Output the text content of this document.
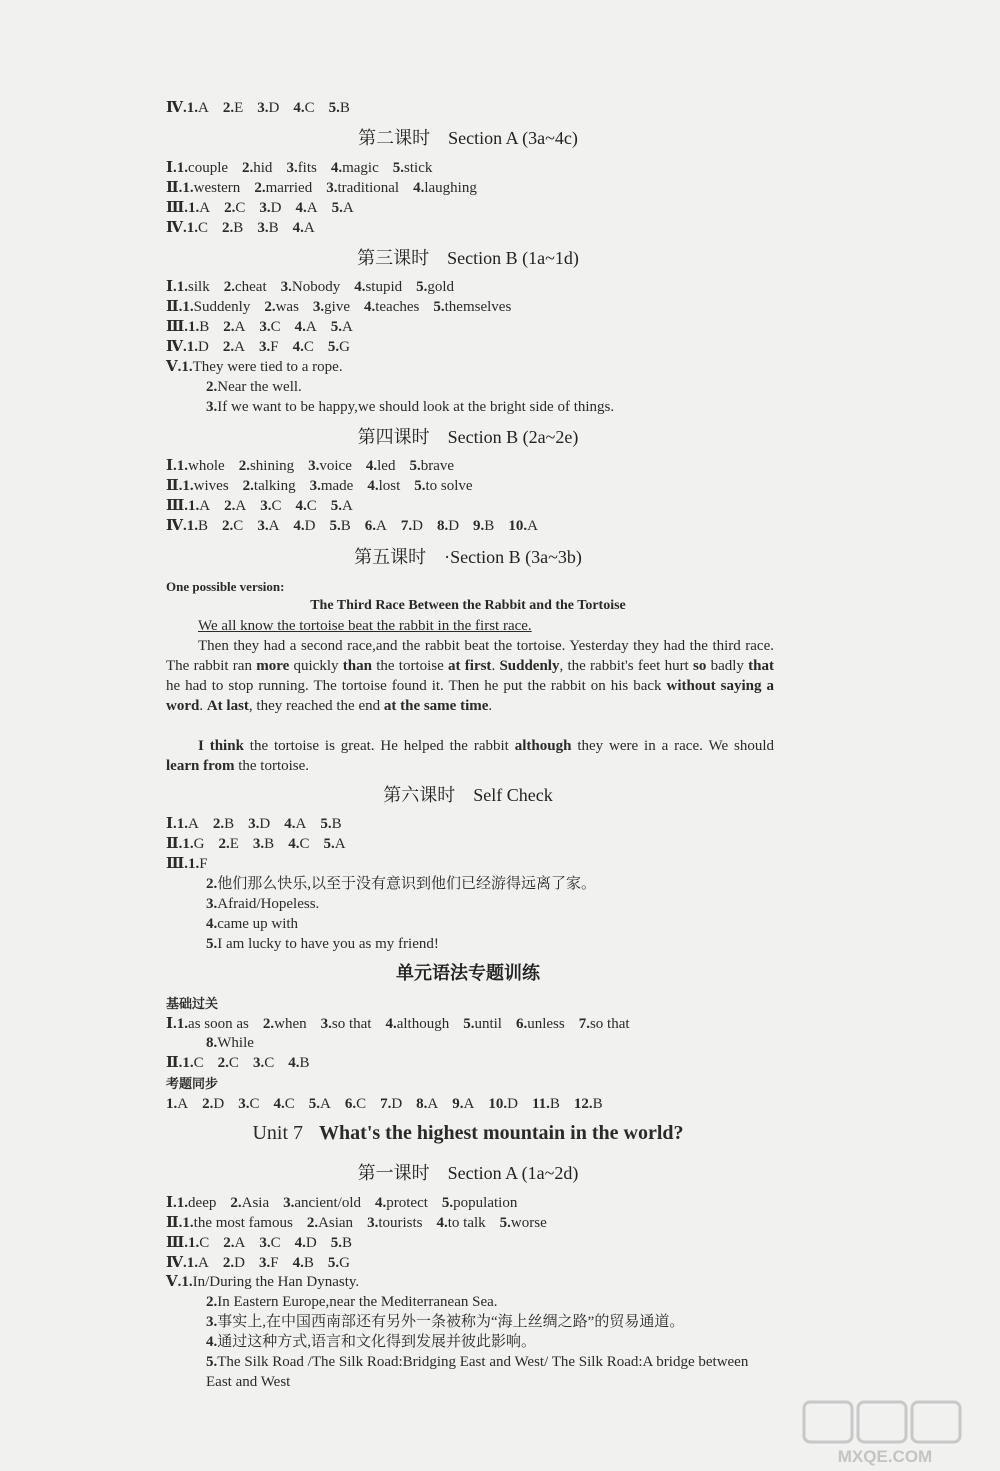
Ⅳ.1.A 2.E 3.D 4.C 5.B
第二课时 Section A (3a~4c)
Ⅰ.1.couple 2.hid 3.fits 4.magic 5.stick
Ⅱ.1.western 2.married 3.traditional 4.laughing
Ⅲ.1.A 2.C 3.D 4.A 5.A
Ⅳ.1.C 2.B 3.B 4.A
第三课时 Section B (1a~1d)
Ⅰ.1.silk 2.cheat 3.Nobody 4.stupid 5.gold
Ⅱ.1.Suddenly 2.was 3.give 4.teaches 5.themselves
Ⅲ.1.B 2.A 3.C 4.A 5.A
Ⅳ.1.D 2.A 3.F 4.C 5.G
Ⅴ.1.They were tied to a rope.
2.Near the well.
3.If we want to be happy,we should look at the bright side of things.
第四课时 Section B (2a~2e)
Ⅰ.1.whole 2.shining 3.voice 4.led 5.brave
Ⅱ.1.wives 2.talking 3.made 4.lost 5.to solve
Ⅲ.1.A 2.A 3.C 4.C 5.A
Ⅳ.1.B 2.C 3.A 4.D 5.B 6.A 7.D 8.D 9.B 10.A
第五课时 ·Section B (3a~3b)
One possible version:
The Third Race Between the Rabbit and the Tortoise
We all know the tortoise beat the rabbit in the first race.
Then they had a second race,and the rabbit beat the tortoise. Yesterday they had the third race. The rabbit ran more quickly than the tortoise at first. Suddenly, the rabbit's feet hurt so badly that he had to stop running. The tortoise found it. Then he put the rabbit on his back without saying a word. At last, they reached the end at the same time.
I think the tortoise is great. He helped the rabbit although they were in a race. We should learn from the tortoise.
第六课时 Self Check
Ⅰ.1.A 2.B 3.D 4.A 5.B
Ⅱ.1.G 2.E 3.B 4.C 5.A
Ⅲ.1.F
2.他们那么快乐,以至于没有意识到他们已经游得远离了家。
3.Afraid/Hopeless.
4.came up with
5.I am lucky to have you as my friend!
单元语法专题训练
基础过关
Ⅰ.1.as soon as 2.when 3.so that 4.although 5.until 6.unless 7.so that
8.While
Ⅱ.1.C 2.C 3.C 4.B
考题同步
1.A 2.D 3.C 4.C 5.A 6.C 7.D 8.A 9.A 10.D 11.B 12.B
Unit 7 What's the highest mountain in the world?
第一课时 Section A (1a~2d)
Ⅰ.1.deep 2.Asia 3.ancient/old 4.protect 5.population
Ⅱ.1.the most famous 2.Asian 3.tourists 4.to talk 5.worse
Ⅲ.1.C 2.A 3.C 4.D 5.B
Ⅳ.1.A 2.D 3.F 4.B 5.G
Ⅴ.1.In/During the Han Dynasty.
2.In Eastern Europe,near the Mediterranean Sea.
3.事实上,在中国西南部还有另外一条被称为“海上丝绸之路”的贸易通道。
4.通过这种方式,语言和文化得到发展并彼此影响。
5.The Silk Road /The Silk Road:Bridging East and West/ The Silk Road:A bridge between East and West
MXQE.COM
